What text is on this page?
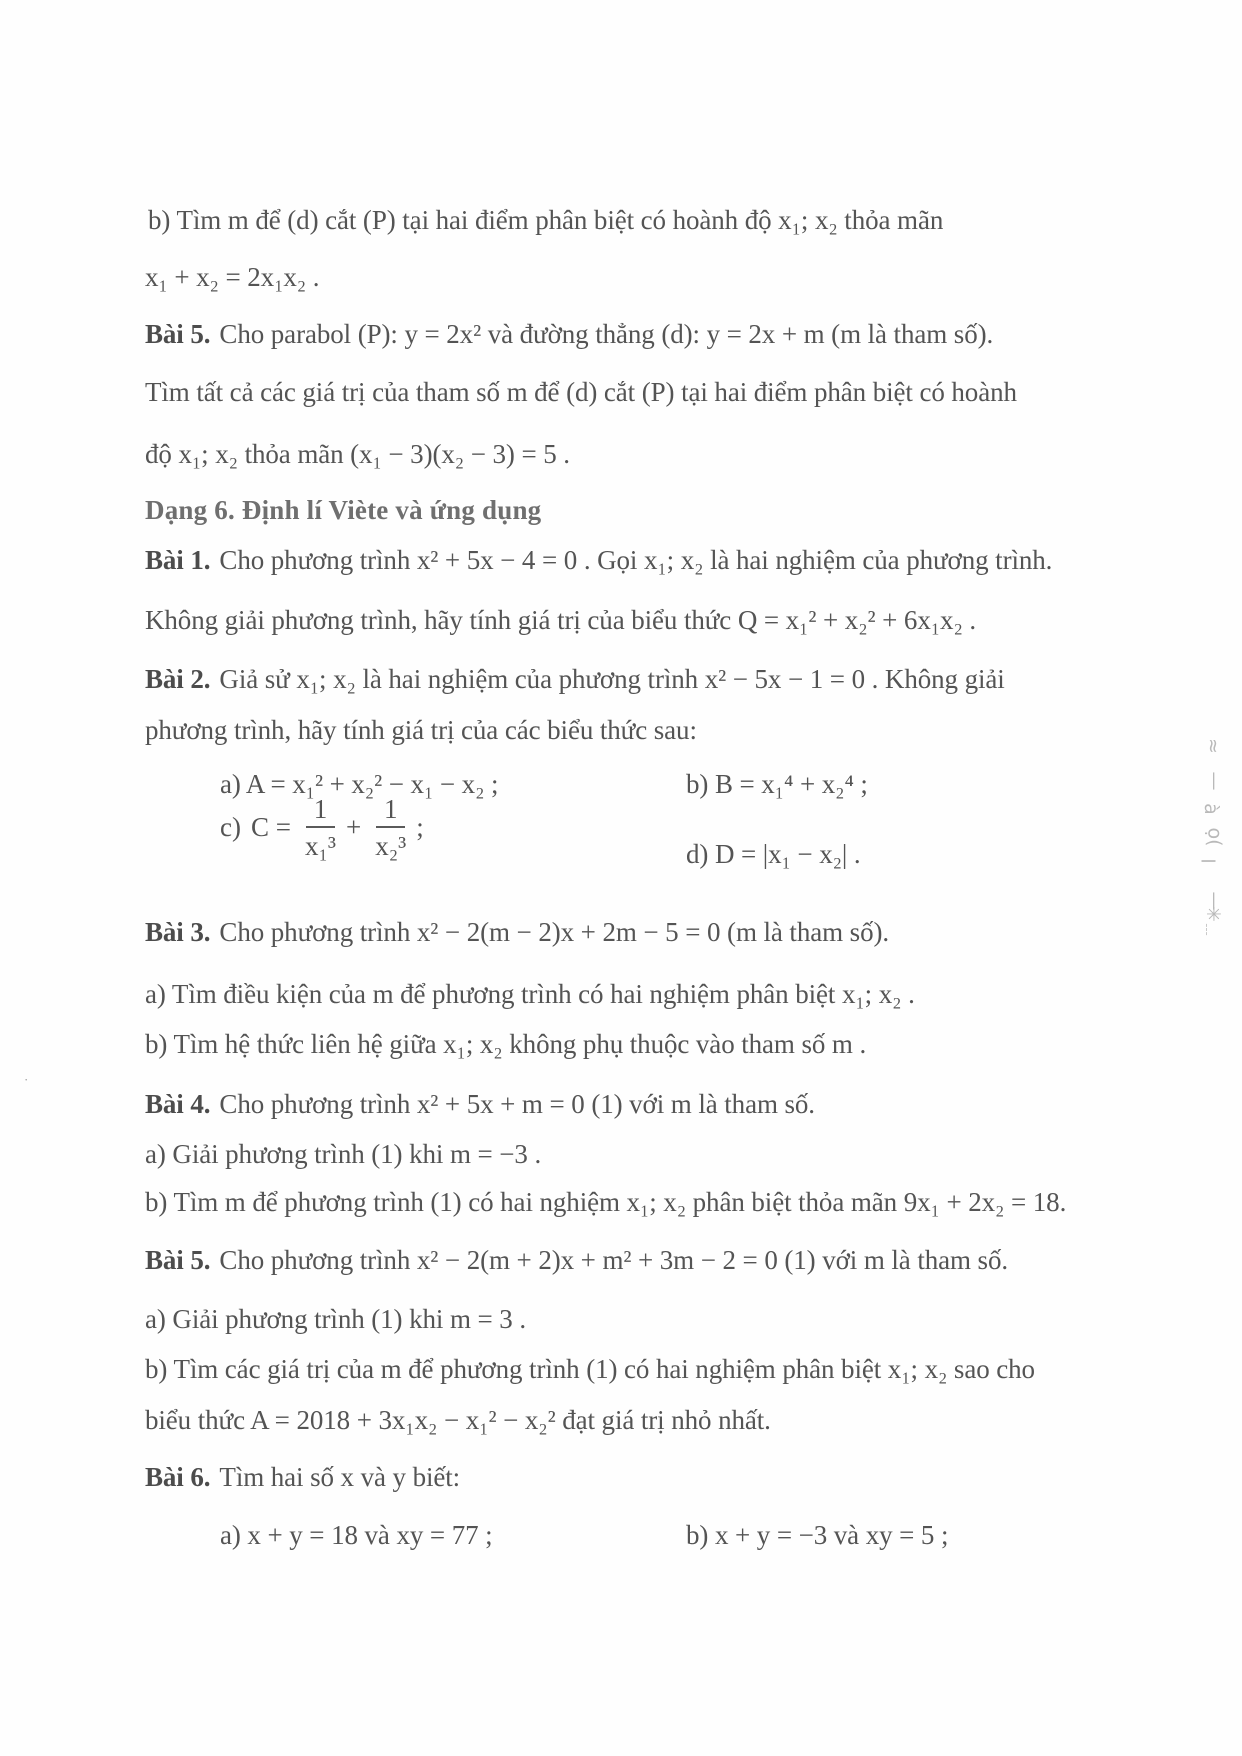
b) Tìm m để (d) cắt (P) tại hai điểm phân biệt có hoành độ x₁; x₂ thỏa mãn

x₁ + x₂ = 2x₁x₂ .

Bài 5. Cho parabol (P): y = 2x² và đường thẳng (d): y = 2x + m (m là tham số).

Tìm tất cả các giá trị của tham số m để (d) cắt (P) tại hai điểm phân biệt có hoành

độ x₁; x₂ thỏa mãn (x₁ − 3)(x₂ − 3) = 5 .

Dạng 6. Định lí Viète và ứng dụng

Bài 1. Cho phương trình x² + 5x − 4 = 0 . Gọi x₁; x₂ là hai nghiệm của phương trình.

Không giải phương trình, hãy tính giá trị của biểu thức Q = x₁² + x₂² + 6x₁x₂ .

Bài 2. Giả sử x₁; x₂ là hai nghiệm của phương trình x² − 5x − 1 = 0 . Không giải

phương trình, hãy tính giá trị của các biểu thức sau:

a) A = x₁² + x₂² − x₁ − x₂ ;	b) B = x₁⁴ + x₂⁴ ;

c) $C = \frac{1}{\text{x₁³}} + \frac{1}{\text{x₂³}}$ ;

d) D = |x₁ − x₂| .

Bài 3. Cho phương trình x² − 2(m − 2)x + 2m − 5 = 0 (m là tham số).

a) Tìm điều kiện của m để phương trình có hai nghiệm phân biệt x₁; x₂ .

b) Tìm hệ thức liên hệ giữa x₁; x₂ không phụ thuộc vào tham số m .

Bài 4. Cho phương trình x² + 5x + m = 0 (1) với m là tham số.

a) Giải phương trình (1) khi m = −3 .

b) Tìm m để phương trình (1) có hai nghiệm x₁; x₂ phân biệt thỏa mãn 9x₁ + 2x₂ = 18.

Bài 5. Cho phương trình x² − 2(m + 2)x + m² + 3m − 2 = 0 (1) với m là tham số.

a) Giải phương trình (1) khi m = 3 .

b) Tìm các giá trị của m để phương trình (1) có hai nghiệm phân biệt x₁; x₂ sao cho

biểu thức A = 2018 + 3x₁x₂ − x₁² − x₂² đạt giá trị nhỏ nhất.

Bài 6. Tìm hai số x và y biết:

a) x + y = 18 và xy = 77 ;	b) x + y = −3 và xy = 5 ;

≈
—
à
ọ(
l
—
✳
﹍
·
